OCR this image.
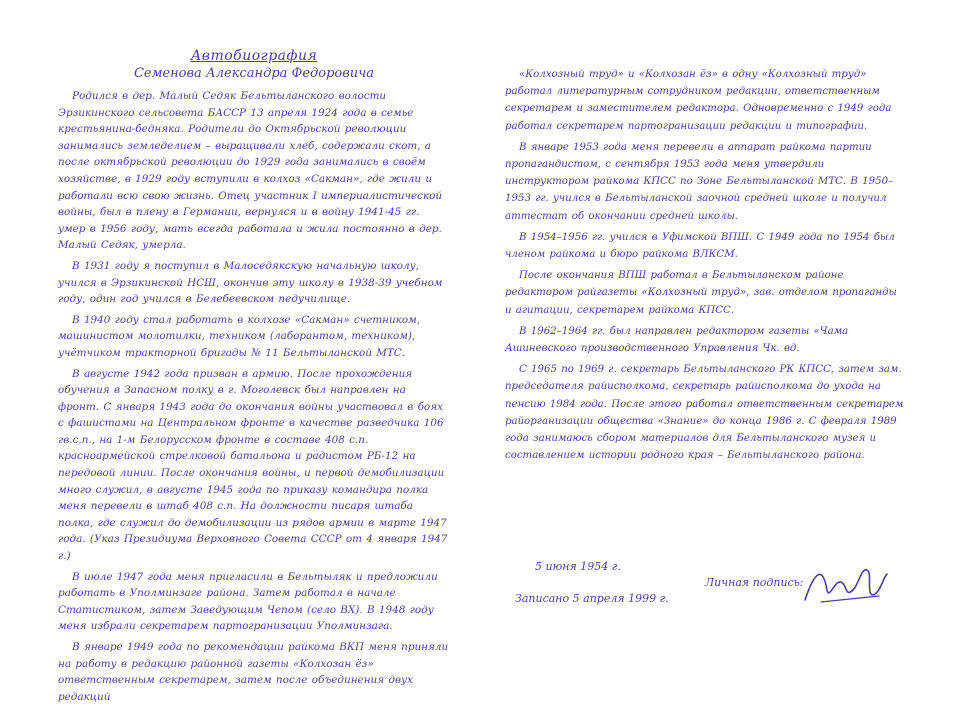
Автобиография
Семенова Александра Федоровича

Родился в дер. Малый Седяк Бельтыланского волости Эрзикинского сельсовета БАССР 13 апреля 1924 года в семье крестьянина-бедняка. Родители до Октябрьской революции занимались земледелием – выращивали хлеб, содержали скот, а после октябрьской революции до 1929 года занимались в своём хозяйстве, в 1929 году вступили в колхоз «Сакман», где жили и работали всю свою жизнь. Отец участник I империалистической войны, был в плену в Германии, вернулся и в войну 1941-45 гг. умер в 1956 году, мать всегда работала и жила постоянно в дер. Малый Седяк, умерла.

В 1931 году я поступил в Малоседякскую начальную школу, учился в Эрзикинской НСШ, окончив эту школу в 1938-39 учебном году, один год учился в Белебеевском педучилище.

В 1940 году стал работать в колхозе «Сакман» счетником, машинистом молотилки, техником (лаборантом, техником), учётчиком тракторной бригады № 11 Бельтыланской МТС.

В августе 1942 года призван в армию. После прохождения обучения в Запасном полку в г. Моголевск был направлен на фронт. С января 1943 года до окончания войны участвовал в боях с фашистами на Центральном фронте в качестве разведчика 106 гв.с.п., на 1-м Белорусском фронте в составе 408 с.п. красноармейской стрелковой батальона и радистом РБ-12 на передовой линии. После окончания войны, и первой демобилизации много служил, в августе 1945 года по приказу командира полка меня перевели в штаб 408 с.п. На должности писаря штаба полка, где служил до демобилизации из рядов армии в марте 1947 года. (Указ Президиума Верховного Совета СССР от 4 января 1947 г.)

В июле 1947 года меня пригласили в Бельтыляк и предложили работать в Уполминзаге района. Затем работал в начале Статистиком, затем Заведующим Чепом (село ВХ). В 1948 году меня избрали секретарем партогранизации Уполминзага.

В январе 1949 года по рекомендации райкома ВКП меня приняли на работу в редакцию районной газеты «Колхозан ёз» ответственным секретарем, затем после объединения двух редакций

«Колхозный труд» и «Колхозан ёз» в одну «Колхозный труд» работал литературным сотрудником редакции, ответственным секретарем и заместителем редактора. Одновременно с 1949 года работал секретарем партогранизации редакции и типографии.

В январе 1953 года меня перевели в аппарат райкома партии пропагандистом, с сентября 1953 года меня утвердили инструктором райкома КПСС по Зоне Бельтыланской МТС. В 1950–1953 гг. учился в Бельтыланской заочной средней школе и получил аттестат об окончании средней школы.

В 1954–1956 гг. учился в Уфимской ВПШ. С 1949 года по 1954 был членом райкома и бюро райкома ВЛКСМ.

После окончания ВПШ работал в Бельтыланском районе редактором райгазеты «Колхозный труд», зав. отделом пропаганды и агитации, секретарем райкома КПСС.

В 1962–1964 гг. был направлен редактором газеты «Чама Ашиневского производственного Управления Чк. вд.

С 1965 по 1969 г. секретарь Бельтыланского РК КПСС, затем зам. председателя райисполкома, секретарь райисполкома до ухода на пенсию 1984 года. После этого работал ответственным секретарем райорганизации общества «Знание» до конца 1986 г. С февраля 1989 года занимаюсь сбором материалов для Бельтыланского музея и составлением истории родного края – Бельтыланского района.

5 июня 1954 г.
Личная подпись:
Записано 5 апреля 1999 г.
